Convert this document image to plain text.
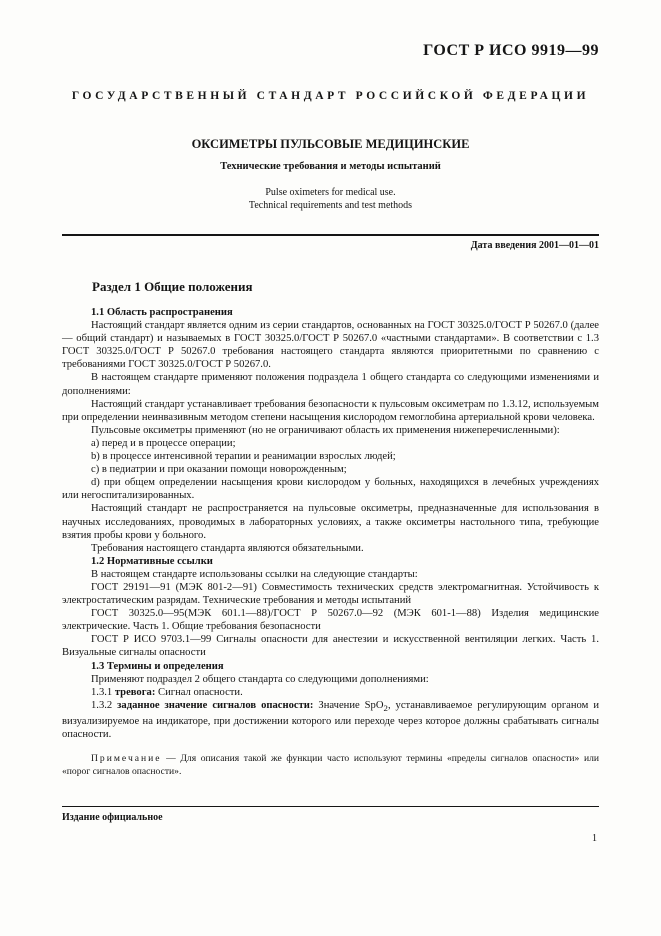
ГОСТ Р ИСО 9919—99
ГОСУДАРСТВЕННЫЙ СТАНДАРТ РОССИЙСКОЙ ФЕДЕРАЦИИ
ОКСИМЕТРЫ ПУЛЬСОВЫЕ МЕДИЦИНСКИЕ
Технические требования и методы испытаний
Pulse oximeters for medical use.
Technical requirements and test methods
Дата введения 2001—01—01
Раздел 1 Общие положения

1.1 Область распространения

Настоящий стандарт является одним из серии стандартов, основанных на ГОСТ 30325.0/ГОСТ Р 50267.0 (далее — общий стандарт) и называемых в ГОСТ 30325.0/ГОСТ Р 50267.0 «частными стандартами». В соответствии с 1.3 ГОСТ 30325.0/ГОСТ Р 50267.0 требования настоящего стандарта являются приоритетными по сравнению с требованиями ГОСТ 30325.0/ГОСТ Р 50267.0.

В настоящем стандарте применяют положения подраздела 1 общего стандарта со следующими изменениями и дополнениями:

Настоящий стандарт устанавливает требования безопасности к пульсовым оксиметрам по 1.3.12, используемым при определении неинвазивным методом степени насыщения кислородом гемоглобина артериальной крови человека.

Пульсовые оксиметры применяют (но не ограничивают область их применения нижеперечисленными):

а) перед и в процессе операции;

b) в процессе интенсивной терапии и реанимации взрослых людей;

с) в педиатрии и при оказании помощи новорожденным;

d) при общем определении насыщения крови кислородом у больных, находящихся в лечебных учреждениях или негоспитализированных.

Настоящий стандарт не распространяется на пульсовые оксиметры, предназначенные для использования в научных исследованиях, проводимых в лабораторных условиях, а также оксиметры настольного типа, требующие взятия пробы крови у больного.

Требования настоящего стандарта являются обязательными.

1.2 Нормативные ссылки

В настоящем стандарте использованы ссылки на следующие стандарты:

ГОСТ 29191—91 (МЭК 801-2—91) Совместимость технических средств электромагнитная. Устойчивость к электростатическим разрядам. Технические требования и методы испытаний

ГОСТ 30325.0—95(МЭК 601.1—88)/ГОСТ Р 50267.0—92 (МЭК 601-1—88) Изделия медицинские электрические. Часть 1. Общие требования безопасности

ГОСТ Р ИСО 9703.1—99 Сигналы опасности для анестезии и искусственной вентиляции легких. Часть 1. Визуальные сигналы опасности

1.3 Термины и определения

Применяют подраздел 2 общего стандарта со следующими дополнениями:

1.3.1 тревога: Сигнал опасности.

1.3.2 заданное значение сигналов опасности: Значение SpO$_2$, устанавливаемое регулирующим органом и визуализируемое на индикаторе, при достижении которого или переходе через которое должны срабатывать сигналы опасности.

Примечание — Для описания такой же функции часто используют термины «пределы сигналов опасности» или «порог сигналов опасности».

Издание официальное
1
